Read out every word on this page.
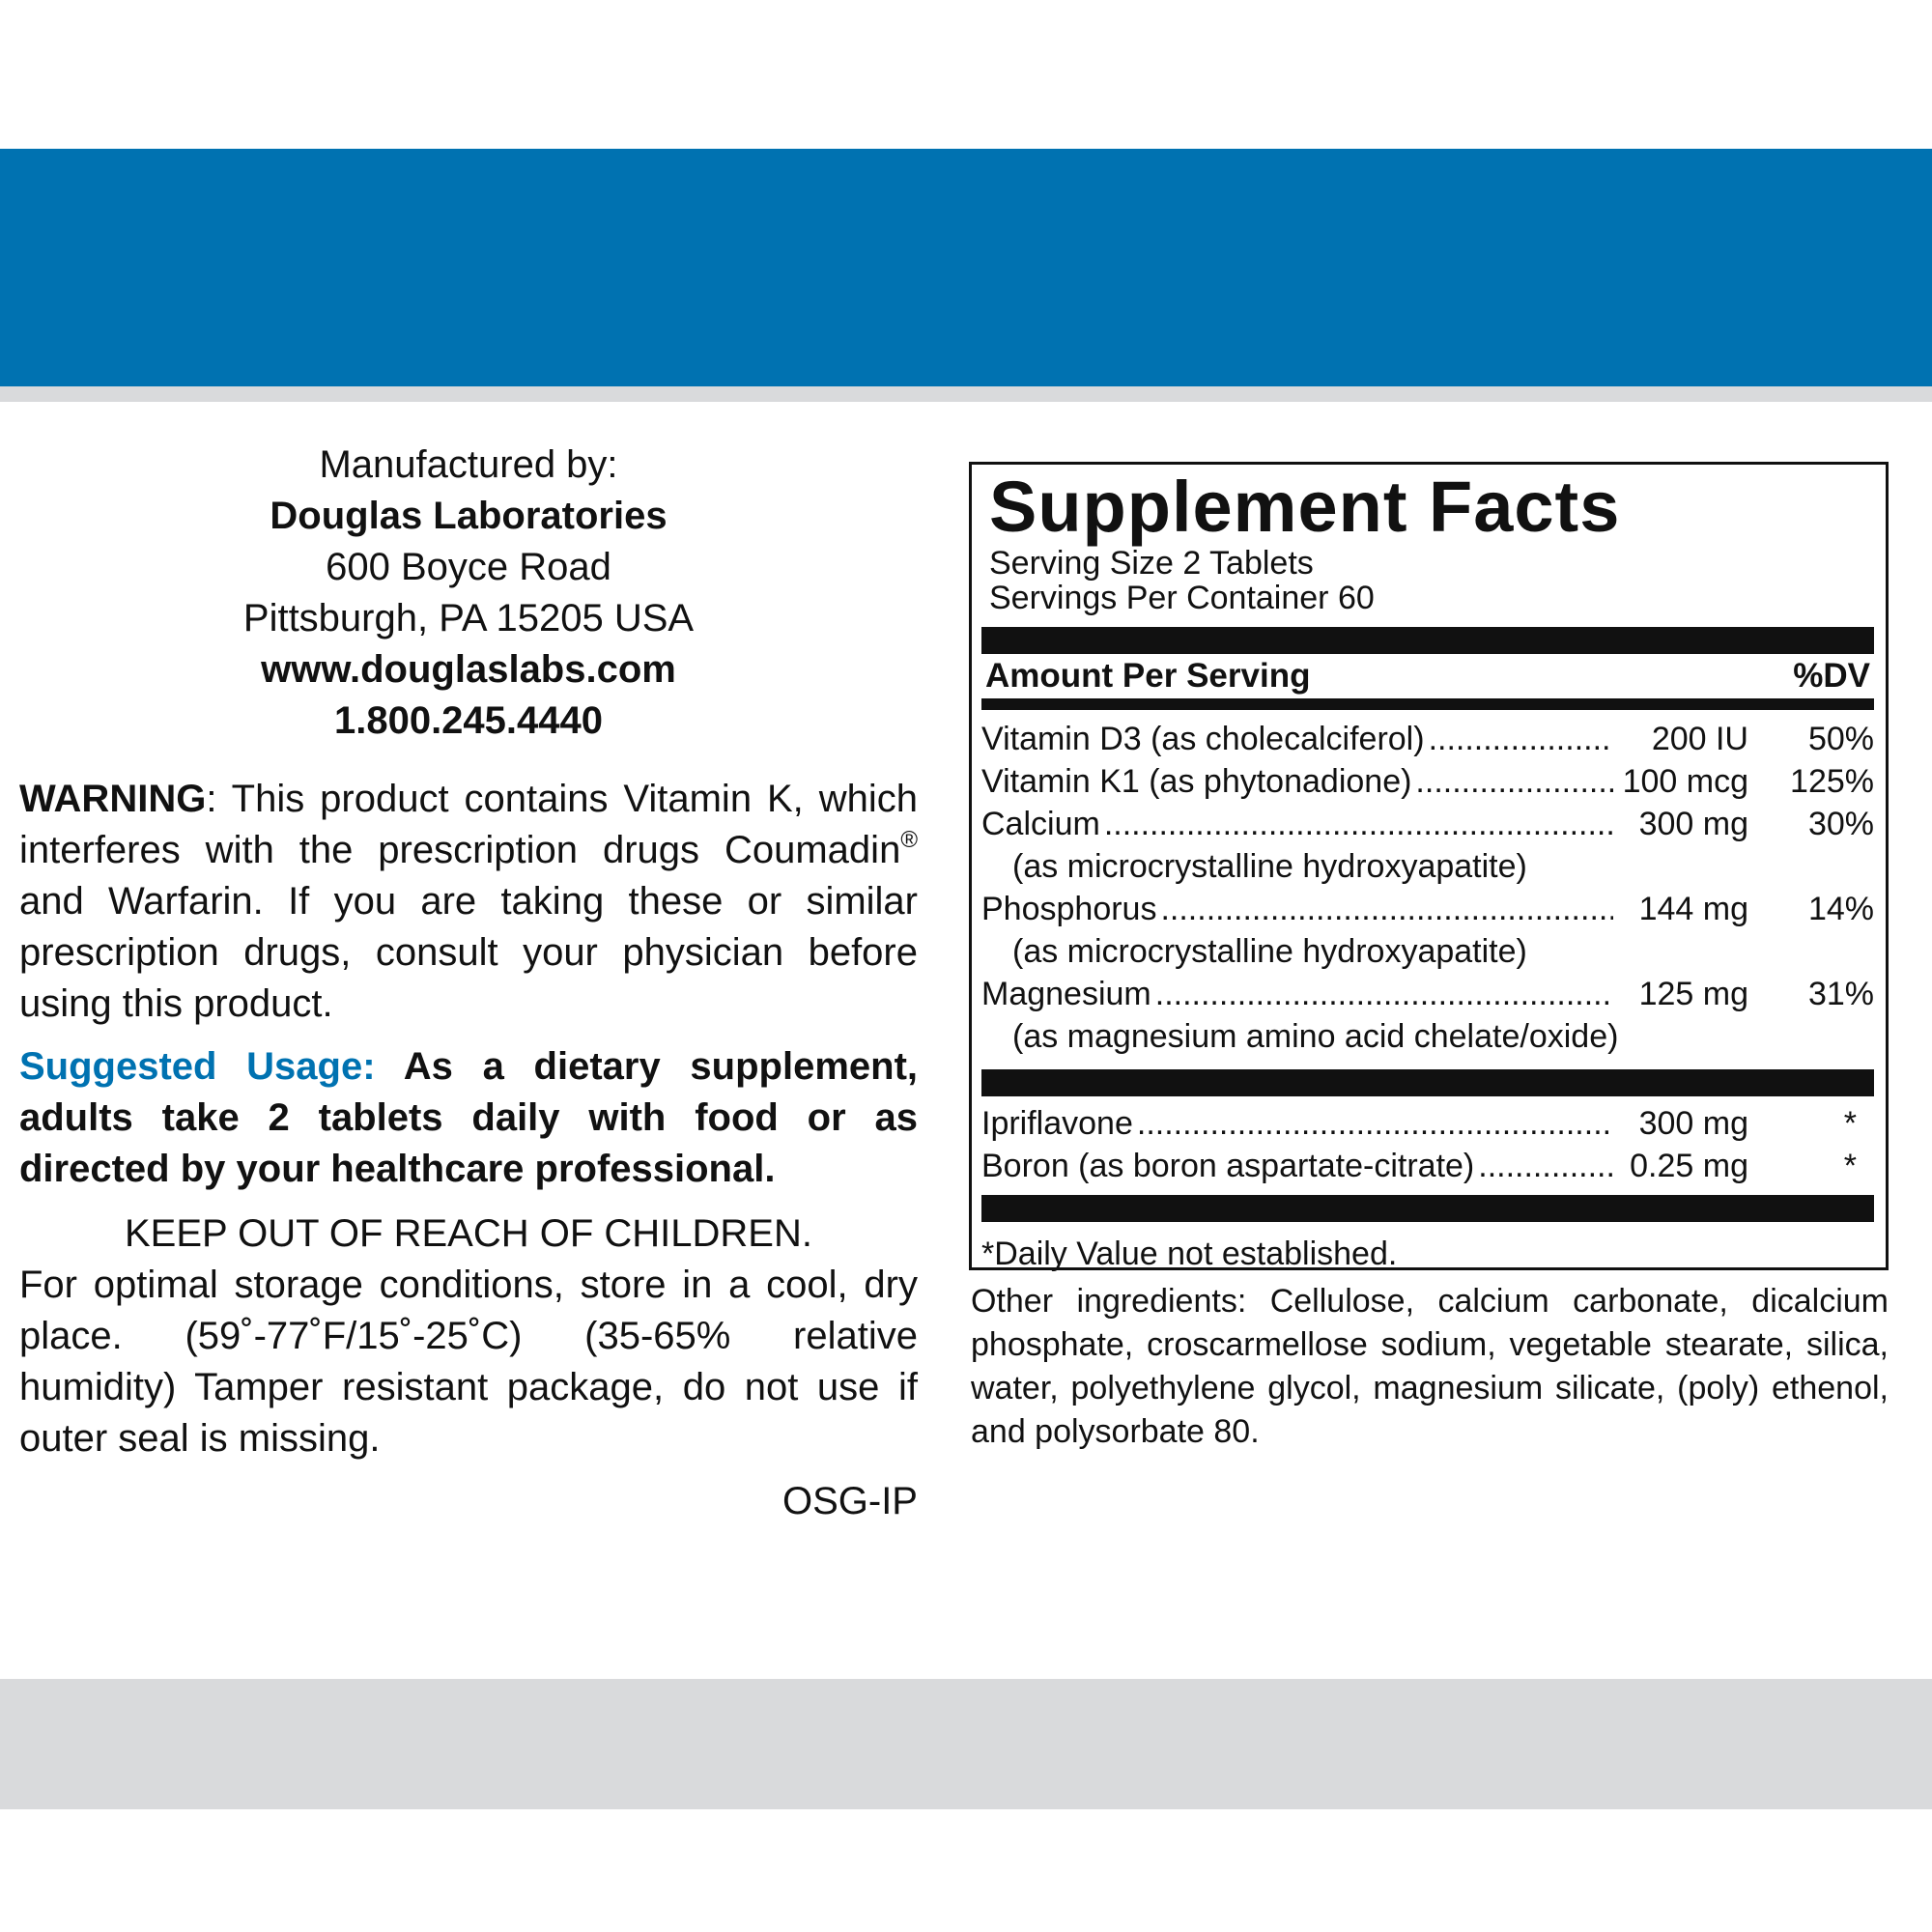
Manufactured by:
Douglas Laboratories
600 Boyce Road
Pittsburgh, PA 15205 USA
www.douglaslabs.com
1.800.245.4440
WARNING: This product contains Vitamin K, which interferes with the prescription drugs Coumadin® and Warfarin. If you are taking these or similar prescription drugs, consult your physician before using this product.
Suggested Usage: As a dietary supplement, adults take 2 tablets daily with food or as directed by your healthcare professional.
KEEP OUT OF REACH OF CHILDREN.
For optimal storage conditions, store in a cool, dry place. (59˚-77˚F/15˚-25˚C) (35-65% relative humidity) Tamper resistant package, do not use if outer seal is missing.
OSG-IP
Supplement Facts
Serving Size 2 Tablets
Servings Per Container 60
Amount Per Serving	%DV
Vitamin D3 (as cholecalciferol) .....	200 IU	50%
Vitamin K1 (as phytonadione) .....	100 mcg	125%
Calcium .....	300 mg	30%
(as microcrystalline hydroxyapatite)
Phosphorus .....	144 mg	14%
(as microcrystalline hydroxyapatite)
Magnesium .....	125 mg	31%
(as magnesium amino acid chelate/oxide)
Ipriflavone .....	300 mg	*
Boron (as boron aspartate-citrate) .....	0.25 mg	*
*Daily Value not established.
Other ingredients: Cellulose, calcium carbonate, dicalcium phosphate, croscarmellose sodium, vegetable stearate, silica, water, polyethylene glycol, magnesium silicate, (poly) ethenol, and polysorbate 80.
